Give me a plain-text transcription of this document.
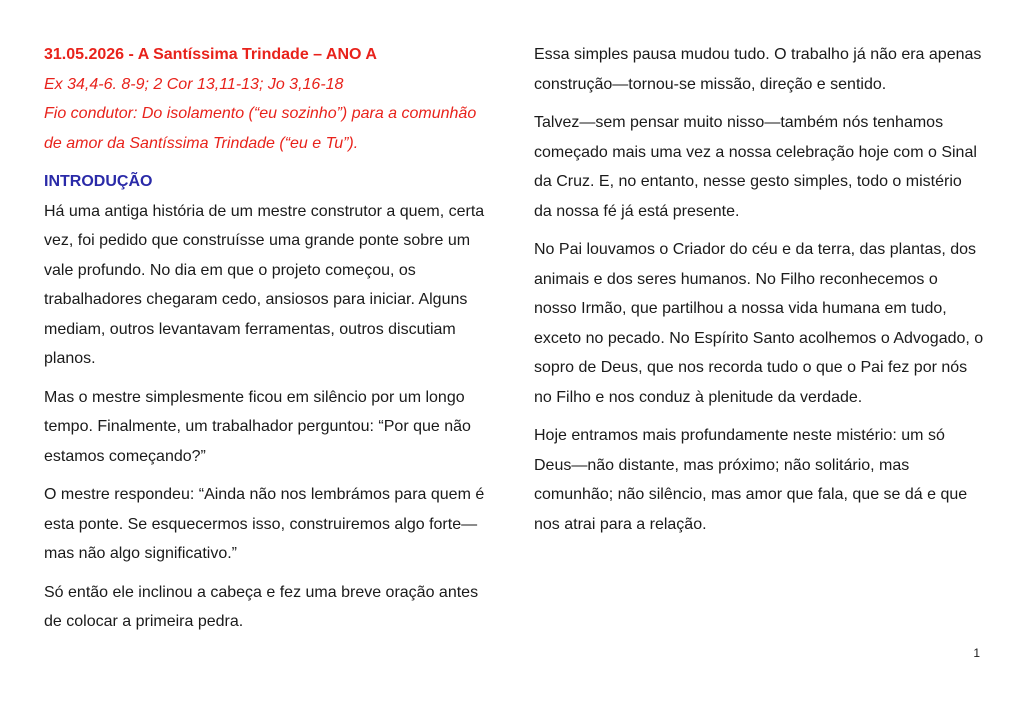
31.05.2026 - A Santíssima Trindade – ANO A

Ex 34,4-6. 8-9; 2 Cor 13,11-13; Jo 3,16-18

Fio condutor: Do isolamento (“eu sozinho”) para a comunhão de amor da Santíssima Trindade (“eu e Tu”).

INTRODUÇÃO

Há uma antiga história de um mestre construtor a quem, certa vez, foi pedido que construísse uma grande ponte sobre um vale profundo. No dia em que o projeto começou, os trabalhadores chegaram cedo, ansiosos para iniciar. Alguns mediam, outros levantavam ferramentas, outros discutiam planos.

Mas o mestre simplesmente ficou em silêncio por um longo tempo. Finalmente, um trabalhador perguntou: “Por que não estamos começando?”

O mestre respondeu: “Ainda não nos lembrámos para quem é esta ponte. Se esquecermos isso, construiremos algo forte—mas não algo significativo.”

Só então ele inclinou a cabeça e fez uma breve oração antes de colocar a primeira pedra.

Essa simples pausa mudou tudo. O trabalho já não era apenas construção—tornou-se missão, direção e sentido.

Talvez—sem pensar muito nisso—também nós tenhamos começado mais uma vez a nossa celebração hoje com o Sinal da Cruz. E, no entanto, nesse gesto simples, todo o mistério da nossa fé já está presente.

No Pai louvamos o Criador do céu e da terra, das plantas, dos animais e dos seres humanos. No Filho reconhecemos o nosso Irmão, que partilhou a nossa vida humana em tudo, exceto no pecado. No Espírito Santo acolhemos o Advogado, o sopro de Deus, que nos recorda tudo o que o Pai fez por nós no Filho e nos conduz à plenitude da verdade.

Hoje entramos mais profundamente neste mistério: um só Deus—não distante, mas próximo; não solitário, mas comunhão; não silêncio, mas amor que fala, que se dá e que nos atrai para a relação.

1
